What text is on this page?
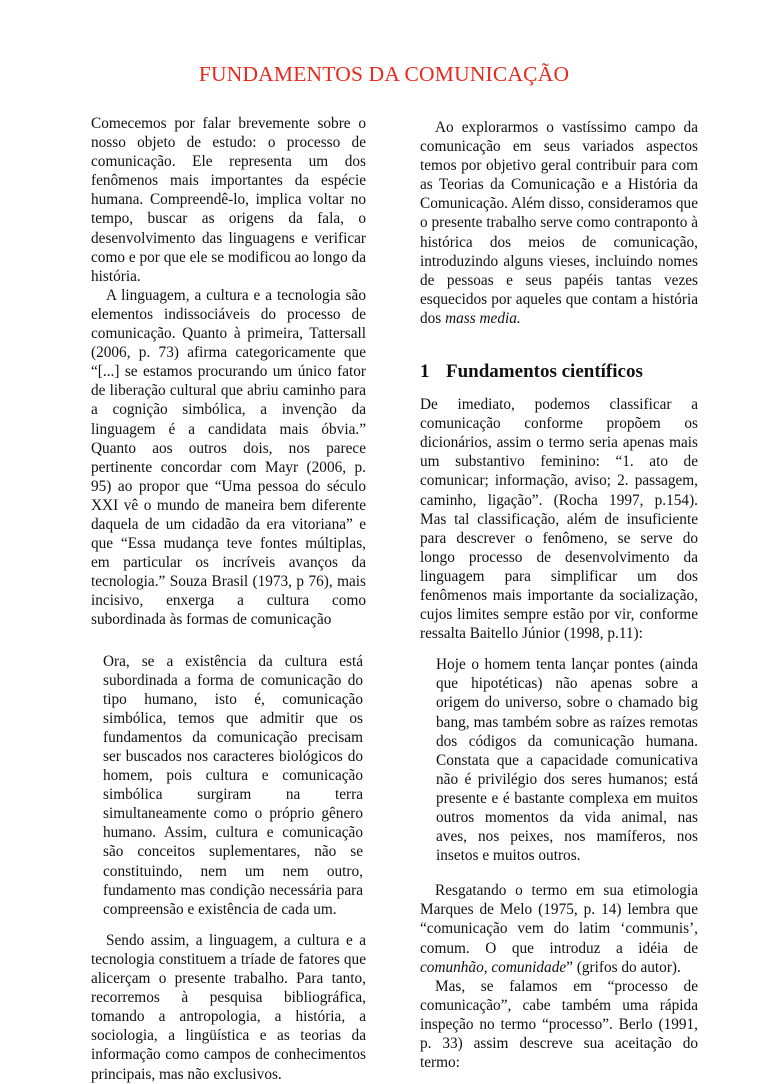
FUNDAMENTOS DA COMUNICAÇÃO

Comecemos por falar brevemente sobre o nosso objeto de estudo: o processo de comunicação. Ele representa um dos fenômenos mais importantes da espécie humana. Compreendê-lo, implica voltar no tempo, buscar as origens da fala, o desenvolvimento das linguagens e verificar como e por que ele se modificou ao longo da história.

A linguagem, a cultura e a tecnologia são elementos indissociáveis do processo de comunicação. Quanto à primeira, Tattersall (2006, p. 73) afirma categoricamente que “[...] se estamos procurando um único fator de liberação cultural que abriu caminho para a cognição simbólica, a invenção da linguagem é a candidata mais óbvia.” Quanto aos outros dois, nos parece pertinente concordar com Mayr (2006, p. 95) ao propor que “Uma pessoa do século XXI vê o mundo de maneira bem diferente daquela de um cidadão da era vitoriana” e que “Essa mudança teve fontes múltiplas, em particular os incríveis avanços da tecnologia.” Souza Brasil (1973, p 76), mais incisivo, enxerga a cultura como subordinada às formas de comunicação

Ora, se a existência da cultura está subordinada a forma de comunicação do tipo humano, isto é, comunicação simbólica, temos que admitir que os fundamentos da comunicação precisam ser buscados nos caracteres biológicos do homem, pois cultura e comunicação simbólica surgiram na terra simultaneamente como o próprio gênero humano. Assim, cultura e comunicação são conceitos suplementares, não se constituindo, nem um nem outro, fundamento mas condição necessária para compreensão e existência de cada um.

Sendo assim, a linguagem, a cultura e a tecnologia constituem a tríade de fatores que alicerçam o presente trabalho. Para tanto, recorremos à pesquisa bibliográfica, tomando a antropologia, a história, a sociologia, a lingüística e as teorias da informação como campos de conhecimentos principais, mas não exclusivos.

Ao explorarmos o vastíssimo campo da comunicação em seus variados aspectos temos por objetivo geral contribuir para com as Teorias da Comunicação e a História da Comunicação. Além disso, consideramos que o presente trabalho serve como contraponto à histórica dos meios de comunicação, introduzindo alguns vieses, incluindo nomes de pessoas e seus papéis tantas vezes esquecidos por aqueles que contam a história dos mass media.

1 Fundamentos científicos

De imediato, podemos classificar a comunicação conforme propõem os dicionários, assim o termo seria apenas mais um substantivo feminino: “1. ato de comunicar; informação, aviso; 2. passagem, caminho, ligação”. (Rocha 1997, p.154). Mas tal classificação, além de insuficiente para descrever o fenômeno, se serve do longo processo de desenvolvimento da linguagem para simplificar um dos fenômenos mais importante da socialização, cujos limites sempre estão por vir, conforme ressalta Baitello Júnior (1998, p.11):

Hoje o homem tenta lançar pontes (ainda que hipotéticas) não apenas sobre a origem do universo, sobre o chamado big bang, mas também sobre as raízes remotas dos códigos da comunicação humana. Constata que a capacidade comunicativa não é privilégio dos seres humanos; está presente e é bastante complexa em muitos outros momentos da vida animal, nas aves, nos peixes, nos mamíferos, nos insetos e muitos outros.

Resgatando o termo em sua etimologia Marques de Melo (1975, p. 14) lembra que “comunicação vem do latim ‘communis’, comum. O que introduz a idéia de comunhão, comunidade” (grifos do autor).

Mas, se falamos em “processo de comunicação”, cabe também uma rápida inspeção no termo “processo”. Berlo (1991, p. 33) assim descreve sua aceitação do termo:
